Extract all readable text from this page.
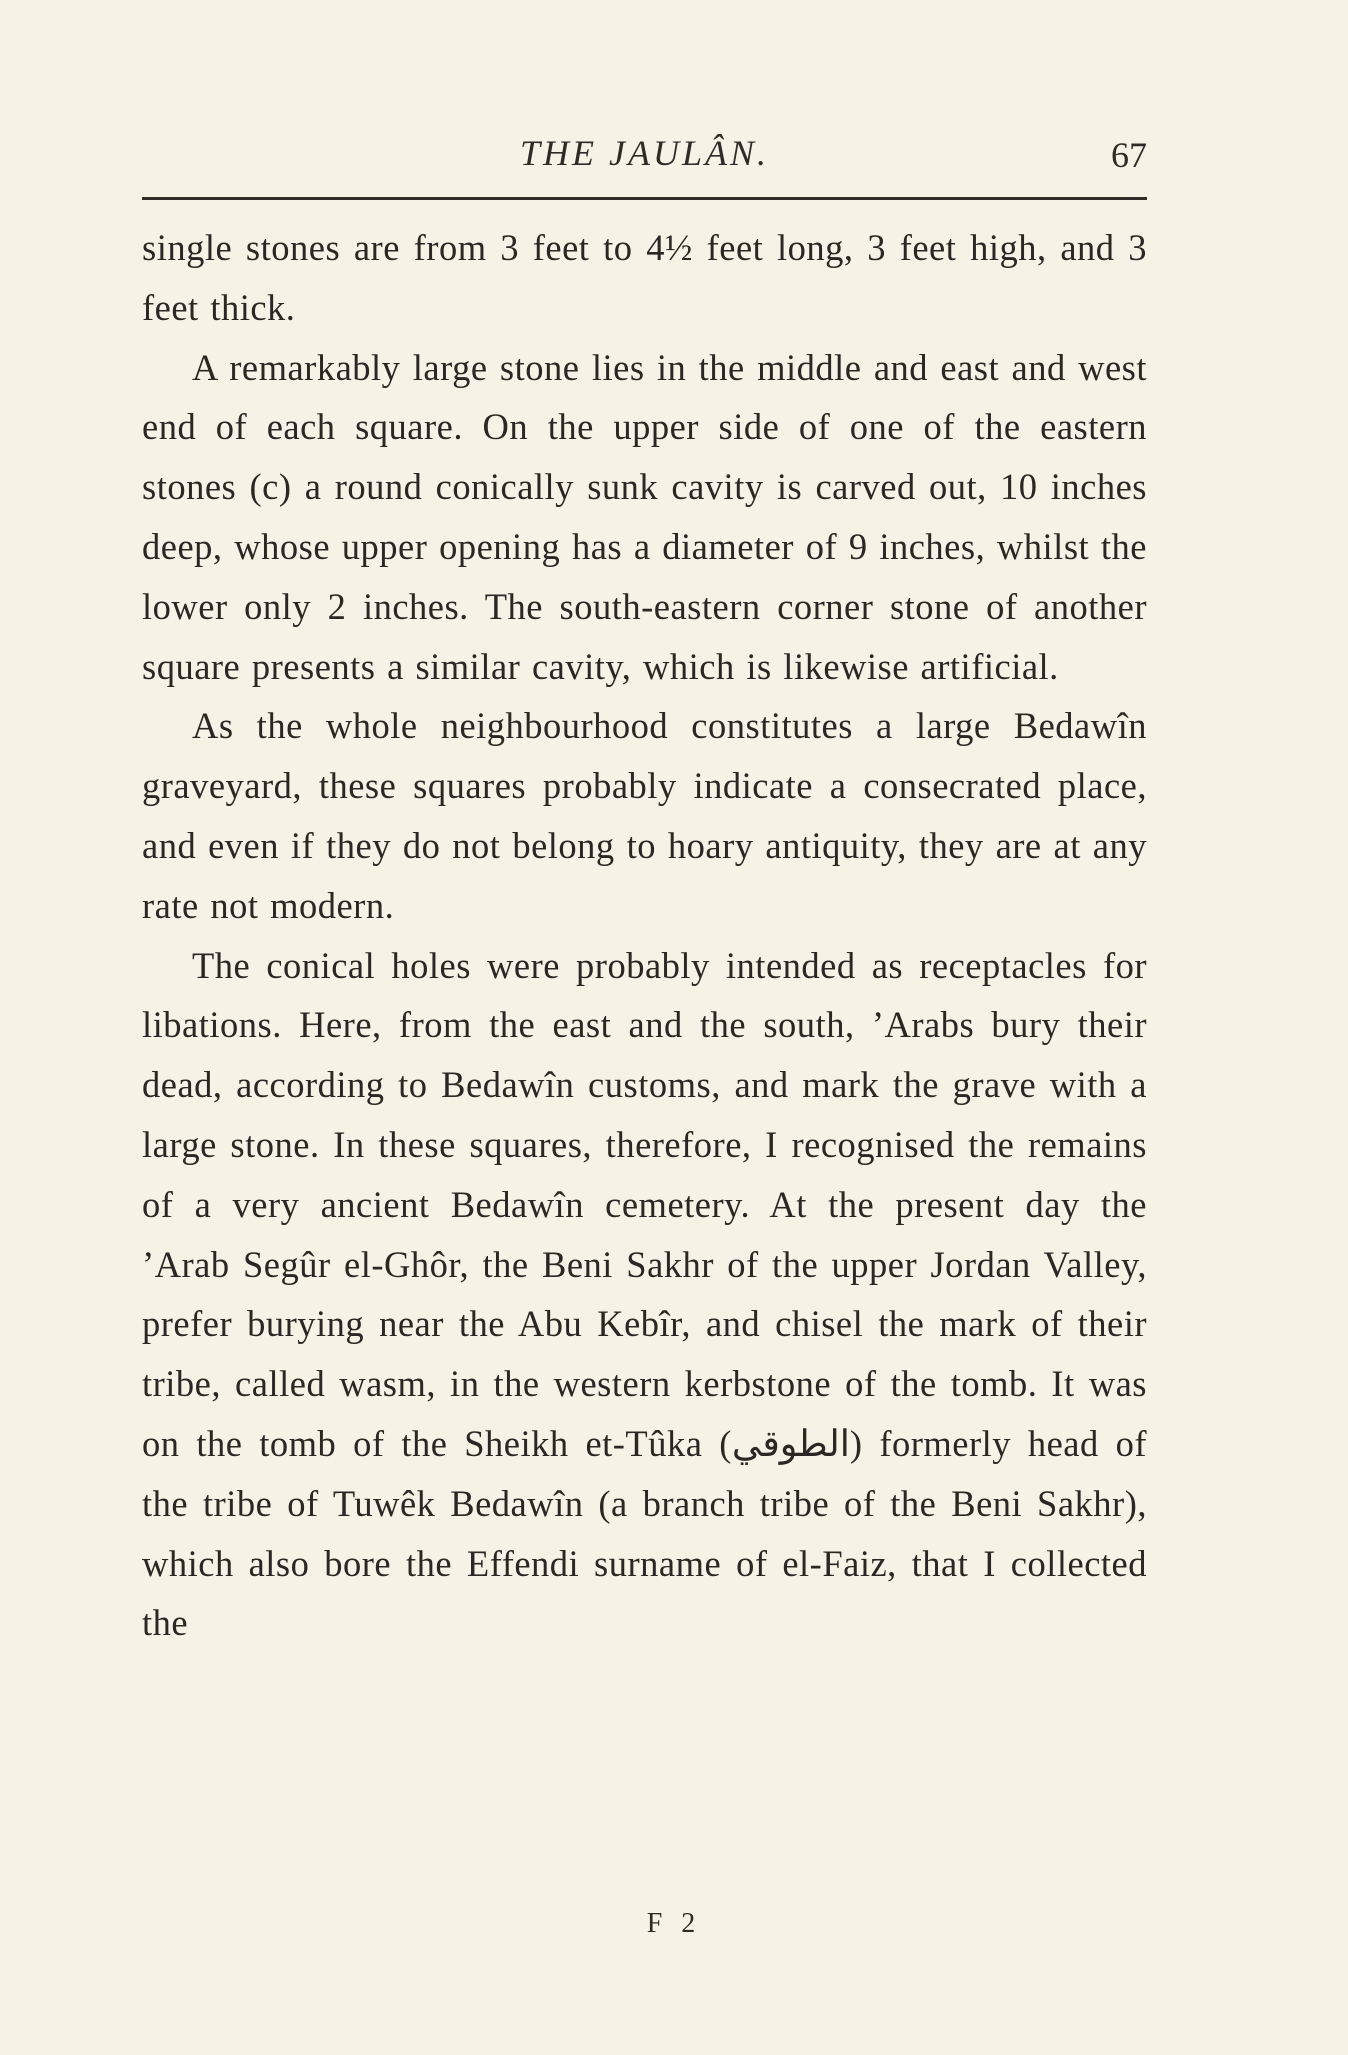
THE JAULÂN.	67

single stones are from 3 feet to 4½ feet long, 3 feet high, and 3 feet thick.

A remarkably large stone lies in the middle and east and west end of each square. On the upper side of one of the eastern stones (c) a round conically sunk cavity is carved out, 10 inches deep, whose upper opening has a diameter of 9 inches, whilst the lower only 2 inches. The south-eastern corner stone of another square presents a similar cavity, which is likewise artificial.

As the whole neighbourhood constitutes a large Bedawîn graveyard, these squares probably indicate a consecrated place, and even if they do not belong to hoary antiquity, they are at any rate not modern.

The conical holes were probably intended as receptacles for libations. Here, from the east and the south, ’Arabs bury their dead, according to Bedawîn customs, and mark the grave with a large stone. In these squares, therefore, I recognised the remains of a very ancient Bedawîn cemetery. At the present day the ’Arab Segûr el-Ghôr, the Beni Sakhr of the upper Jordan Valley, prefer burying near the Abu Kebîr, and chisel the mark of their tribe, called wasm, in the western kerbstone of the tomb. It was on the tomb of the Sheikh et-Tûka (الطوقي) formerly head of the tribe of Tuwêk Bedawîn (a branch tribe of the Beni Sakhr), which also bore the Effendi surname of el-Faiz, that I collected the

F 2
